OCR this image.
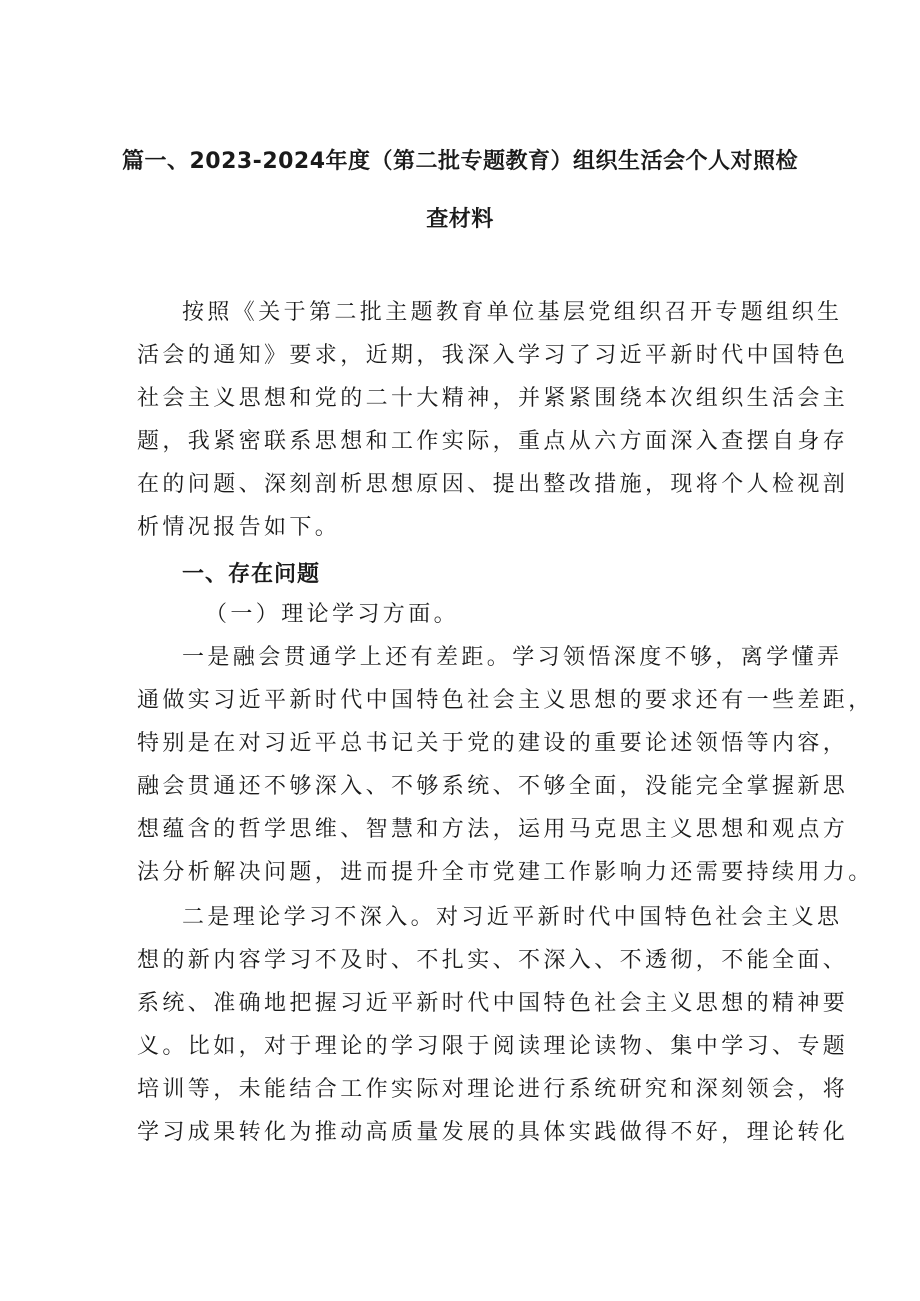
篇一、2023-2024年度（第二批专题教育）组织生活会个人对照检
查材料
按照《关于第二批主题教育单位基层党组织召开专题组织生
活会的通知》要求，近期，我深入学习了习近平新时代中国特色
社会主义思想和党的二十大精神，并紧紧围绕本次组织生活会主
题，我紧密联系思想和工作实际，重点从六方面深入查摆自身存
在的问题、深刻剖析思想原因、提出整改措施，现将个人检视剖
析情况报告如下。
一、存在问题
（一）理论学习方面。
一是融会贯通学上还有差距。学习领悟深度不够，离学懂弄
通做实习近平新时代中国特色社会主义思想的要求还有一些差距，
特别是在对习近平总书记关于党的建设的重要论述领悟等内容，
融会贯通还不够深入、不够系统、不够全面，没能完全掌握新思
想蕴含的哲学思维、智慧和方法，运用马克思主义思想和观点方
法分析解决问题，进而提升全市党建工作影响力还需要持续用力。
二是理论学习不深入。对习近平新时代中国特色社会主义思
想的新内容学习不及时、不扎实、不深入、不透彻，不能全面、
系统、准确地把握习近平新时代中国特色社会主义思想的精神要
义。比如，对于理论的学习限于阅读理论读物、集中学习、专题
培训等，未能结合工作实际对理论进行系统研究和深刻领会，将
学习成果转化为推动高质量发展的具体实践做得不好，理论转化
